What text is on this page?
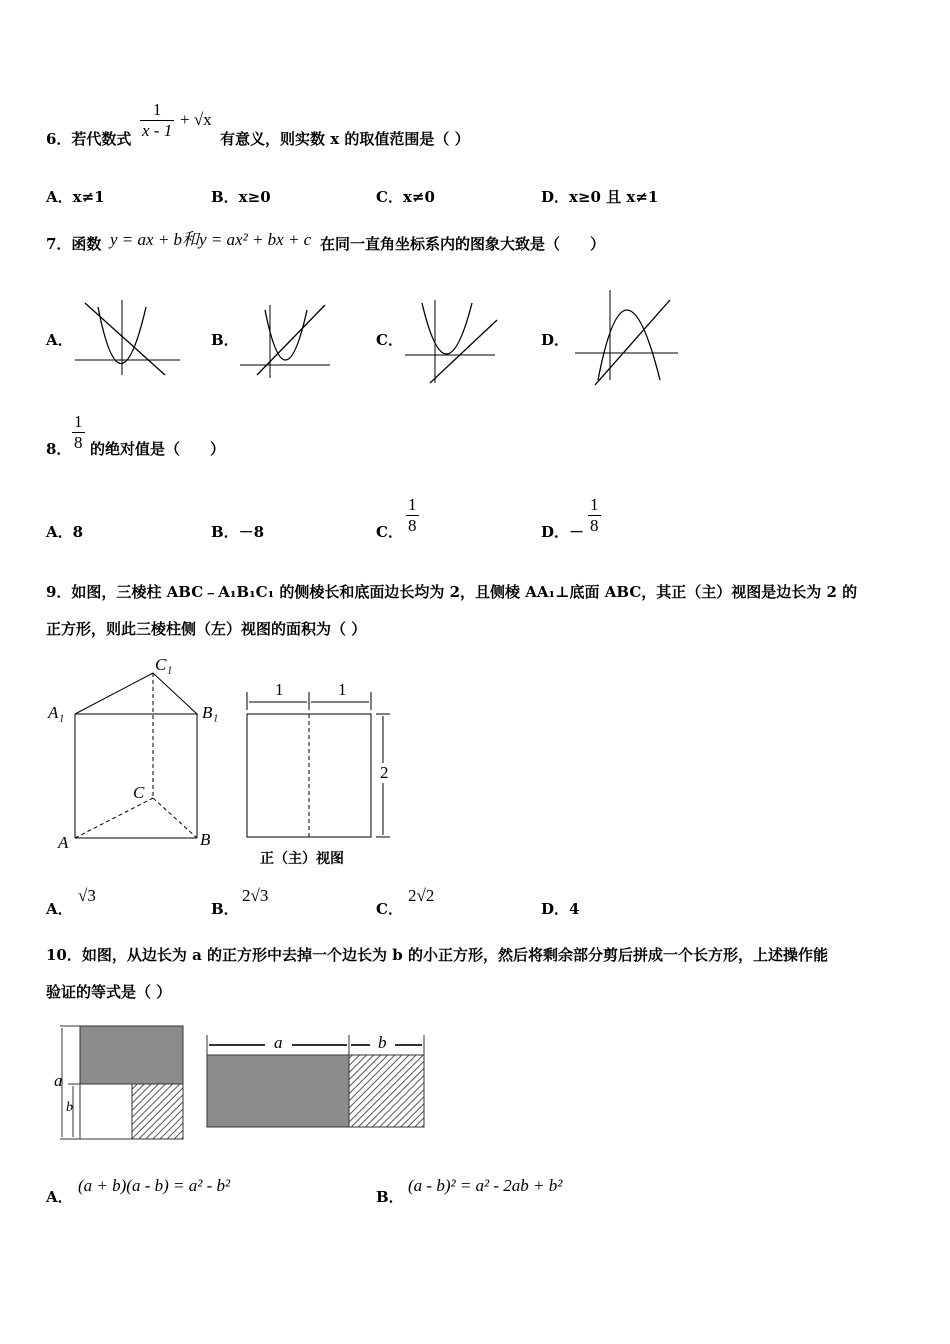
6．若代数式 $\frac{1}{x - 1} + √x$
有意义，则实数 x 的取值范围是（ ）
A．x≠1	B．x≥0	C．x≠0	D．x≥0 且 x≠1
7．函数 y = ax + b和y = ax² + bx + c 在同一直角坐标系内的图象大致是（　　）
A．	B．	C．	D．
8． $\frac{1}{8}$ 的绝对值是（　　）
A．8	B．－8	C． $\frac{1}{8}$	D．－ $\frac{1}{8}$
9．如图，三棱柱 ABC﹣A₁B₁C₁ 的侧棱长和底面边长均为 2，且侧棱 AA₁⊥底面 ABC，其正（主）视图是边长为 2 的
正方形，则此三棱柱侧（左）视图的面积为（ ）
C₁
A₁	B₁
C
A	B
1	1
2
正（主）视图
A．
√3
B．
2√3
C．
2√2
D．4
10．如图，从边长为 a 的正方形中去掉一个边长为 b 的小正方形，然后将剩余部分剪后拼成一个长方形，上述操作能
验证的等式是（ ）
a
b
a	b
A．
(a + b)(a - b) = a² - b²
B．
(a - b)² = a² - 2ab + b²
